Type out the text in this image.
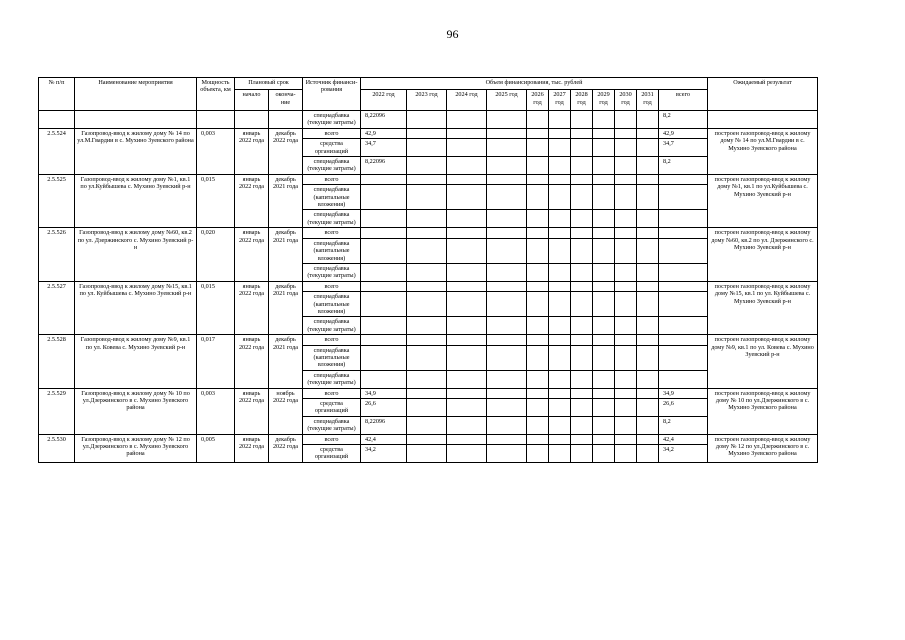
96
№ п/п	Наименование мероприятия	Мощность объекта, км	Плановый срок		Источник финанси-рования	Объем финансирования, тыс. рублей											Ожидаемый результат
			начало	оконча-ние		2022 год	2023 год	2024 год	2025 год	2026 год	2027 год	2028 год	2029 год	2030 год	2031 год	всего	
					спецнадбавка (текущие затраты)	8,22096										8,2	
2.5.524	Газопровод-ввод к жилому дому № 14 по ул.М.Гвардии в с. Мухино Зуевского района	0,003	январь 2022 года	декабрь 2022 года	всего	42,9										42,9	построен газопровод-ввод к жилому дому № 14 по ул.М.Гвардии в с. Мухино Зуевского района
					средства организаций	34,7										34,7	
					спецнадбавка (текущие затраты)	8,22096										8,2	
2.5.525	Газопровод-ввод к жилому дому №1, кв.1 по ул.Куйбышева с. Мухино Зуевский р-н	0,015	январь 2022 года	декабрь 2021 года	всего												построен газопровод-ввод к жилому дому №1, кв.1 по ул.Куйбышева с. Мухино Зуевский р-н
					спецнадбавка (капитальные вложения)												
					спецнадбавка (текущие затраты)												
2.5.526	Газопровод-ввод к жилому дому №60, кв.2 по ул. Дзержинского с. Мухино Зуевский р-н	0,020	январь 2022 года	декабрь 2021 года	всего												построен газопровод-ввод к жилому дому №60, кв.2 по ул. Дзержинского с. Мухино Зуевский р-н
					спецнадбавка (капитальные вложения)												
					спецнадбавка (текущие затраты)												
2.5.527	Газопровод-ввод к жилому дому №15, кв.1 по ул. Куйбышева с. Мухино Зуевский р-н	0,015	январь 2022 года	декабрь 2021 года	всего												построен газопровод-ввод к жилому дому №15, кв.1 по ул. Куйбышева с. Мухино Зуевский р-н
					спецнадбавка (капитальные вложения)												
					спецнадбавка (текущие затраты)												
2.5.528	Газопровод-ввод к жилому дому №9, кв.1 по ул. Ковева с. Мухино Зуевский р-н	0,017	январь 2022 года	декабрь 2021 года	всего												построен газопровод-ввод к жилому дому №9, кв.1 по ул. Ковева с. Мухино Зуевский р-н
					спецнадбавка (капитальные вложения)												
					спецнадбавка (текущие затраты)												
2.5.529	Газопровод-ввод к жилому дому № 10 по ул.Дзержинского в с. Мухино Зуевского района	0,003	январь 2022 года	ноябрь 2022 года	всего	34,9										34,9	построен газопровод-ввод к жилому дому № 10 по ул.Дзержинского в с. Мухино Зуевского района
					средства организаций	26,6										26,6	
					спецнадбавка (текущие затраты)	8,22096										8,2	
2.5.530	Газопровод-ввод к жилому дому № 12 по ул.Дзержинского в с. Мухино Зуевского района	0,005	январь 2022 года	декабрь 2022 года	всего	42,4										42,4	построен газопровод-ввод к жилому дому № 12 по ул.Дзержинского в с. Мухино Зуевского района
					средства организаций	34,2										34,2	
